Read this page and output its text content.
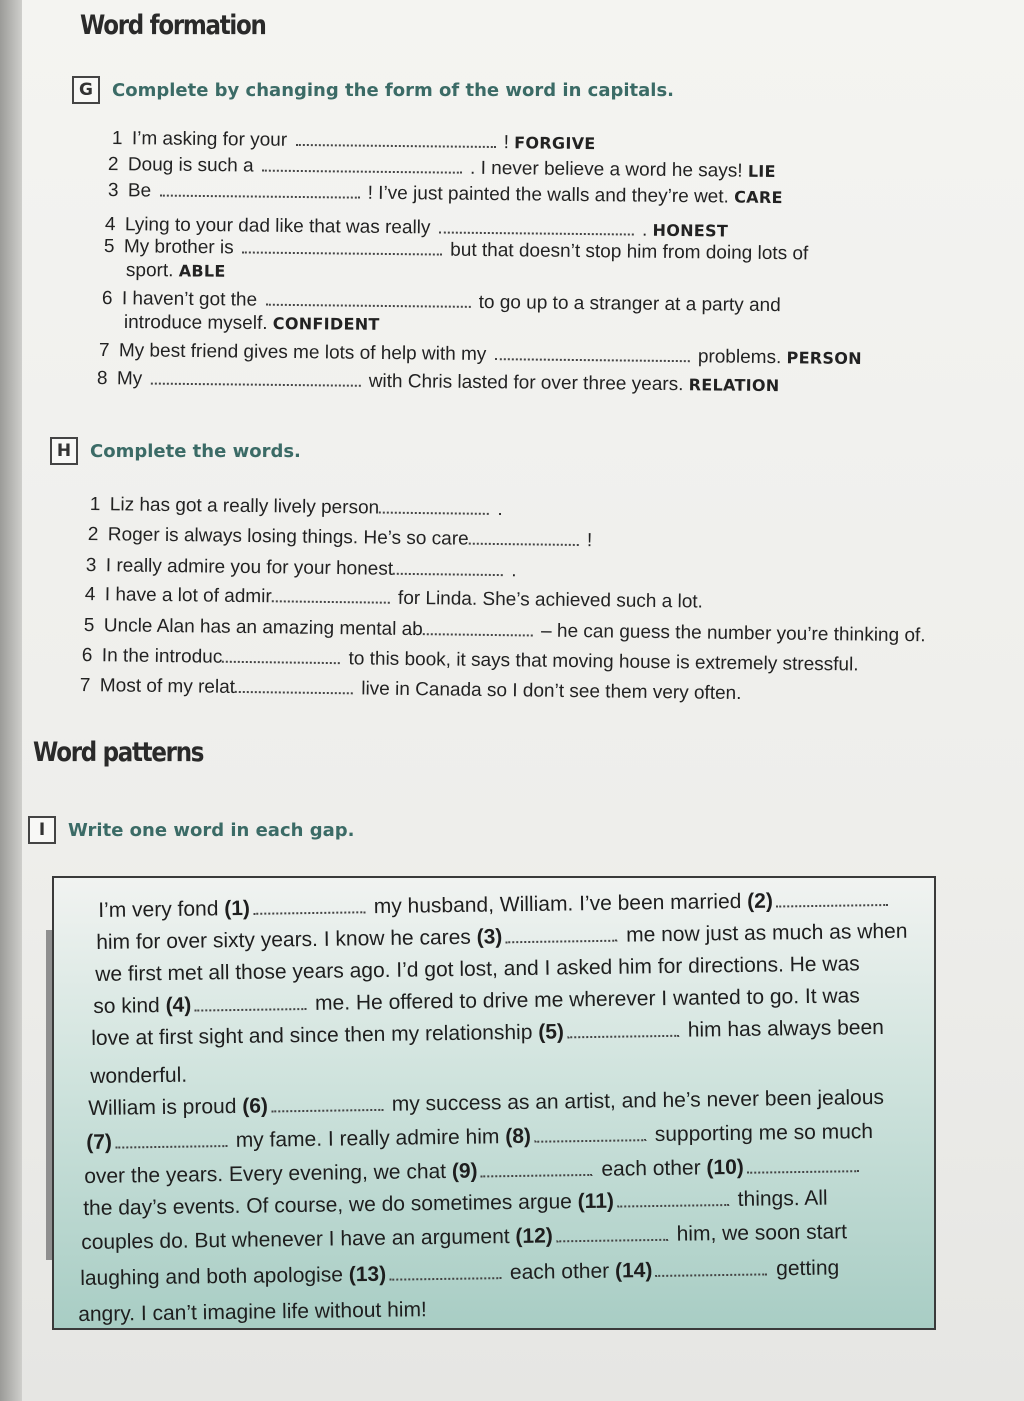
Word formation
G	Complete by changing the form of the word in capitals.
1 I’m asking for your	! FORGIVE
2 Doug is such a	. I never believe a word he says! LIE
3 Be	! I’ve just painted the walls and they’re wet. CARE
4 Lying to your dad like that was really	. HONEST
5 My brother is	but that doesn’t stop him from doing lots of
sport. ABLE
6 I haven’t got the	to go up to a stranger at a party and
introduce myself. CONFIDENT
7 My best friend gives me lots of help with my	problems. PERSON
8 My	with Chris lasted for over three years. RELATION
H	Complete the words.
1Liz has got a really lively person	.
2Roger is always losing things. He’s so care	!
3I really admire you for your honest	.
4I have a lot of admir	for Linda. She’s achieved such a lot.
5Uncle Alan has an amazing mental ab	– he can guess the number you’re thinking of.
6In the introduc	to this book, it says that moving house is extremely stressful.
7Most of my relat	live in Canada so I don’t see them very often.
Word patterns
I	Write one word in each gap.
I’m very fond (1)	my husband, William. I’ve been married (2)
him for over sixty years. I know he cares (3)	me now just as much as when
we first met all those years ago. I’d got lost, and I asked him for directions. He was
so kind (4)	me. He offered to drive me wherever I wanted to go. It was
love at first sight and since then my relationship (5)	him has always been
wonderful.
William is proud (6)	my success as an artist, and he’s never been jealous
(7)	my fame. I really admire him (8)	supporting me so much
over the years. Every evening, we chat (9)	each other (10)
the day’s events. Of course, we do sometimes argue (11)	things. All
couples do. But whenever I have an argument (12)	him, we soon start
laughing and both apologise (13)	each other (14)	getting
angry. I can’t imagine life without him!
